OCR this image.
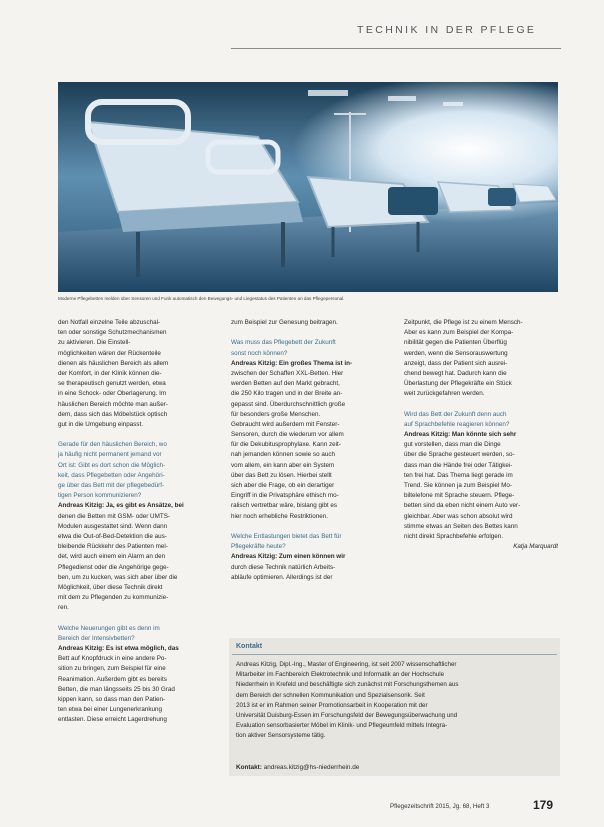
TECHNIK IN DER PFLEGE
Moderne Pflegebetten melden über Sensoren und Funk automatisch den Bewegungs- und Liegestatus des Patienten an das Pflegepersonal.
den Notfall einzelne Teile abzuschal-
ten oder sonstige Schutzmechanismen
zu aktivieren. Die Einstell-
möglichkeiten wären der Rückenteile
dienen als häuslichen Bereich als allem
der Komfort, in der Klinik können die-
se therapeutisch genutzt werden, etwa
in eine Schock- oder Oberlagerung. Im
häuslichen Bereich möchte man außer-
dem, dass sich das Möbelstück optisch
gut in die Umgebung einpasst.
Gerade für den häuslichen Bereich, wo
ja häufig nicht permanent jemand vor
Ort ist: Gibt es dort schon die Möglich-
keit, dass Pflegebetten oder Angehöri-
ge über das Bett mit der pflegebedürf-
tigen Person kommunizieren?
Andreas Kitzig: Ja, es gibt es Ansätze, bei
denen die Betten mit GSM- oder UMTS-
Modulen ausgestattet sind. Wenn dann
etwa die Out-of-Bed-Detektion die aus-
bleibende Rückkehr des Patienten mel-
det, wird auch einem ein Alarm an den
Pflegedienst oder die Angehörige gege-
ben, um zu kucken, was sich aber über die
Möglichkeit, über diese Technik direkt
mit dem zu Pflegenden zu kommunizie-
ren.
Welche Neuerungen gibt es denn im
Bereich der Intensivbetten?
Andreas Kitzig: Es ist etwa möglich, das
Bett auf Knopfdruck in eine andere Po-
sition zu bringen, zum Beispiel für eine
Reanimation. Außerdem gibt es bereits
Betten, die man längsseits 25 bis 30 Grad
kippen kann, so dass man den Patien-
ten etwa bei einer Lungenerkrankung
entlasten. Diese erreicht Lagerdrehung
zum Beispiel zur Genesung beitragen.
Was muss das Pflegebett der Zukunft
sonst noch können?
Andreas Kitzig: Ein großes Thema ist in-
zwischen der Schaffen XXL-Betten. Hier
werden Betten auf den Markt gebracht,
die 250 Kilo tragen und in der Breite an-
gepasst sind. Überdurchschnittlich große
für besonders große Menschen.
Gebraucht wird außerdem mit Fenster-
Sensoren, durch die wiederum vor allem
für die Dekubitusprophylaxe. Kann zeit-
nah jemanden können sowie so auch
vom allem, ein kann aber ein System
über das Bett zu lösen. Hierbei stellt
sich aber die Frage, ob ein derartiger
Eingriff in die Privatsphäre ethisch mo-
ralisch vertretbar wäre, bislang gibt es
hier noch erhebliche Restriktionen.
Welche Entlastungen bietet das Bett für
Pflegekräfte heute?
Andreas Kitzig: Zum einen können wir
durch diese Technik natürlich Arbeits-
abläufe optimieren. Allerdings ist der
Zeitpunkt, die Pflege ist zu einem Mensch-
Aber es kann zum Beispiel der Kompa-
nibilität gegen die Patienten Überflüg
werden, wenn die Sensorauswertung
anzeigt, dass der Patient sich ausrei-
chend bewegt hat. Dadurch kann die
Überlastung der Pflegekräfte ein Stück
weit zurückgefahren werden.
Wird das Bett der Zukunft denn auch
auf Sprachbefehle reagieren können?
Andreas Kitzig: Man könnte sich sehr
gut vorstellen, dass man die Dinge
über die Sprache gesteuert werden, so-
dass man die Hände frei oder Tätigkei-
ten frei hat. Das Thema liegt gerade im
Trend. Sie können ja zum Beispiel Mo-
biltelefone mit Sprache steuern. Pflege-
betten sind da eben nicht einem Auto ver-
gleichbar. Aber was schon absolut wird
stimme etwas an Seiten des Bettes kann
nicht direkt Sprachbefehle erfolgen.
Katja Marquardt
Kontakt
Andreas Kitzig, Dipl.-Ing., Master of Engineering, ist seit 2007 wissenschaftlicher
Mitarbeiter im Fachbereich Elektrotechnik und Informatik an der Hochschule
Niederrhein in Krefeld und beschäftigte sich zunächst mit Forschungsthemen aus
dem Bereich der schnellen Kommunikation und Spezialsensorik. Seit
2013 ist er im Rahmen seiner Promotionsarbeit in Kooperation mit der
Universität Duisburg-Essen im Forschungsfeld der Bewegungsüberwachung und
Evaluation sensorbasierter Möbel im Klinik- und Pflegeumfeld mittels Integra-
tion aktiver Sensorsysteme tätig.
Kontakt: andreas.kitzig@hs-niederrhein.de
Pflegezeitschrift 2015, Jg. 68, Heft 3	179
